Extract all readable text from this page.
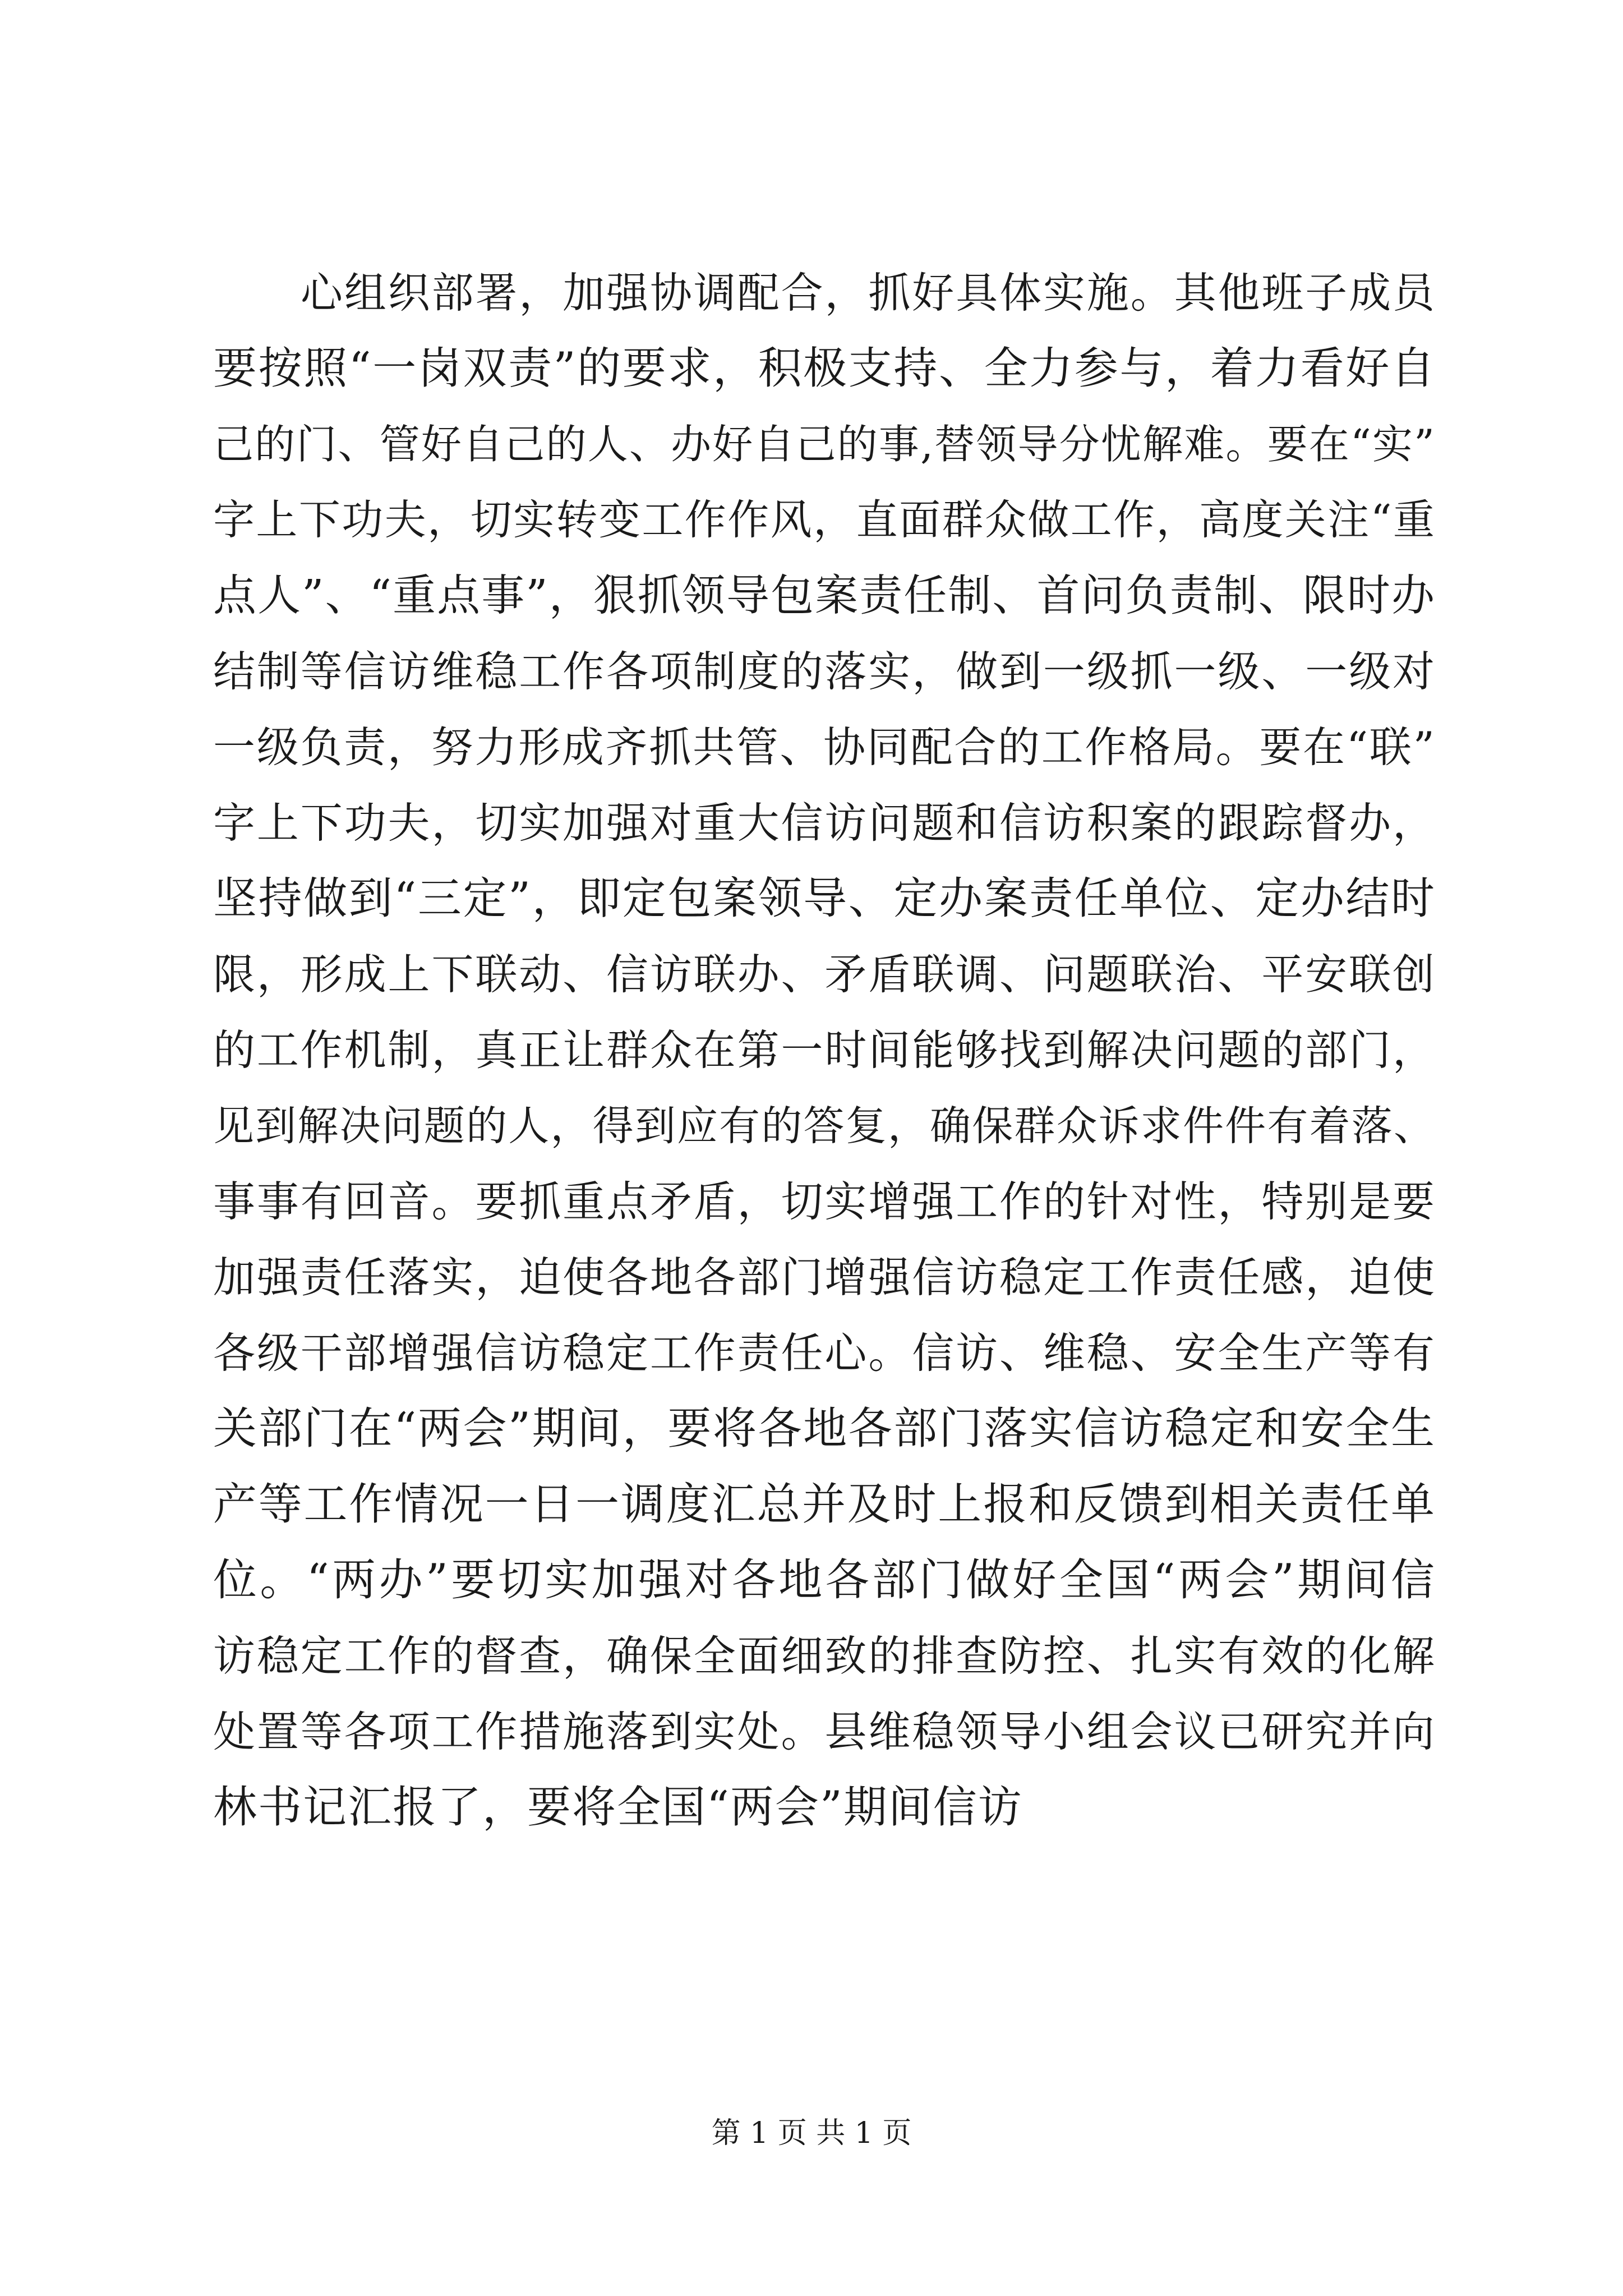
心组织部署，加强协调配合，抓好具体实施。其他班子成员
要按照“一岗双责”的要求，积极支持、全力参与，着力看好自
己的门、管好自己的人、办好自己的事,替领导分忧解难。要在“实”
字上下功夫，切实转变工作作风，直面群众做工作，高度关注“重
点人”、“重点事”，狠抓领导包案责任制、首问负责制、限时办
结制等信访维稳工作各项制度的落实，做到一级抓一级、一级对
一级负责，努力形成齐抓共管、协同配合的工作格局。要在“联”
字上下功夫，切实加强对重大信访问题和信访积案的跟踪督办，
坚持做到“三定”，即定包案领导、定办案责任单位、定办结时
限，形成上下联动、信访联办、矛盾联调、问题联治、平安联创
的工作机制，真正让群众在第一时间能够找到解决问题的部门，
见到解决问题的人，得到应有的答复，确保群众诉求件件有着落、
事事有回音。要抓重点矛盾，切实增强工作的针对性，特别是要
加强责任落实，迫使各地各部门增强信访稳定工作责任感，迫使
各级干部增强信访稳定工作责任心。信访、维稳、安全生产等有
关部门在“两会”期间，要将各地各部门落实信访稳定和安全生
产等工作情况一日一调度汇总并及时上报和反馈到相关责任单
位。“两办”要切实加强对各地各部门做好全国“两会”期间信
访稳定工作的督查，确保全面细致的排查防控、扎实有效的化解
处置等各项工作措施落到实处。县维稳领导小组会议已研究并向
林书记汇报了，要将全国“两会”期间信访
第 1 页 共 1 页
